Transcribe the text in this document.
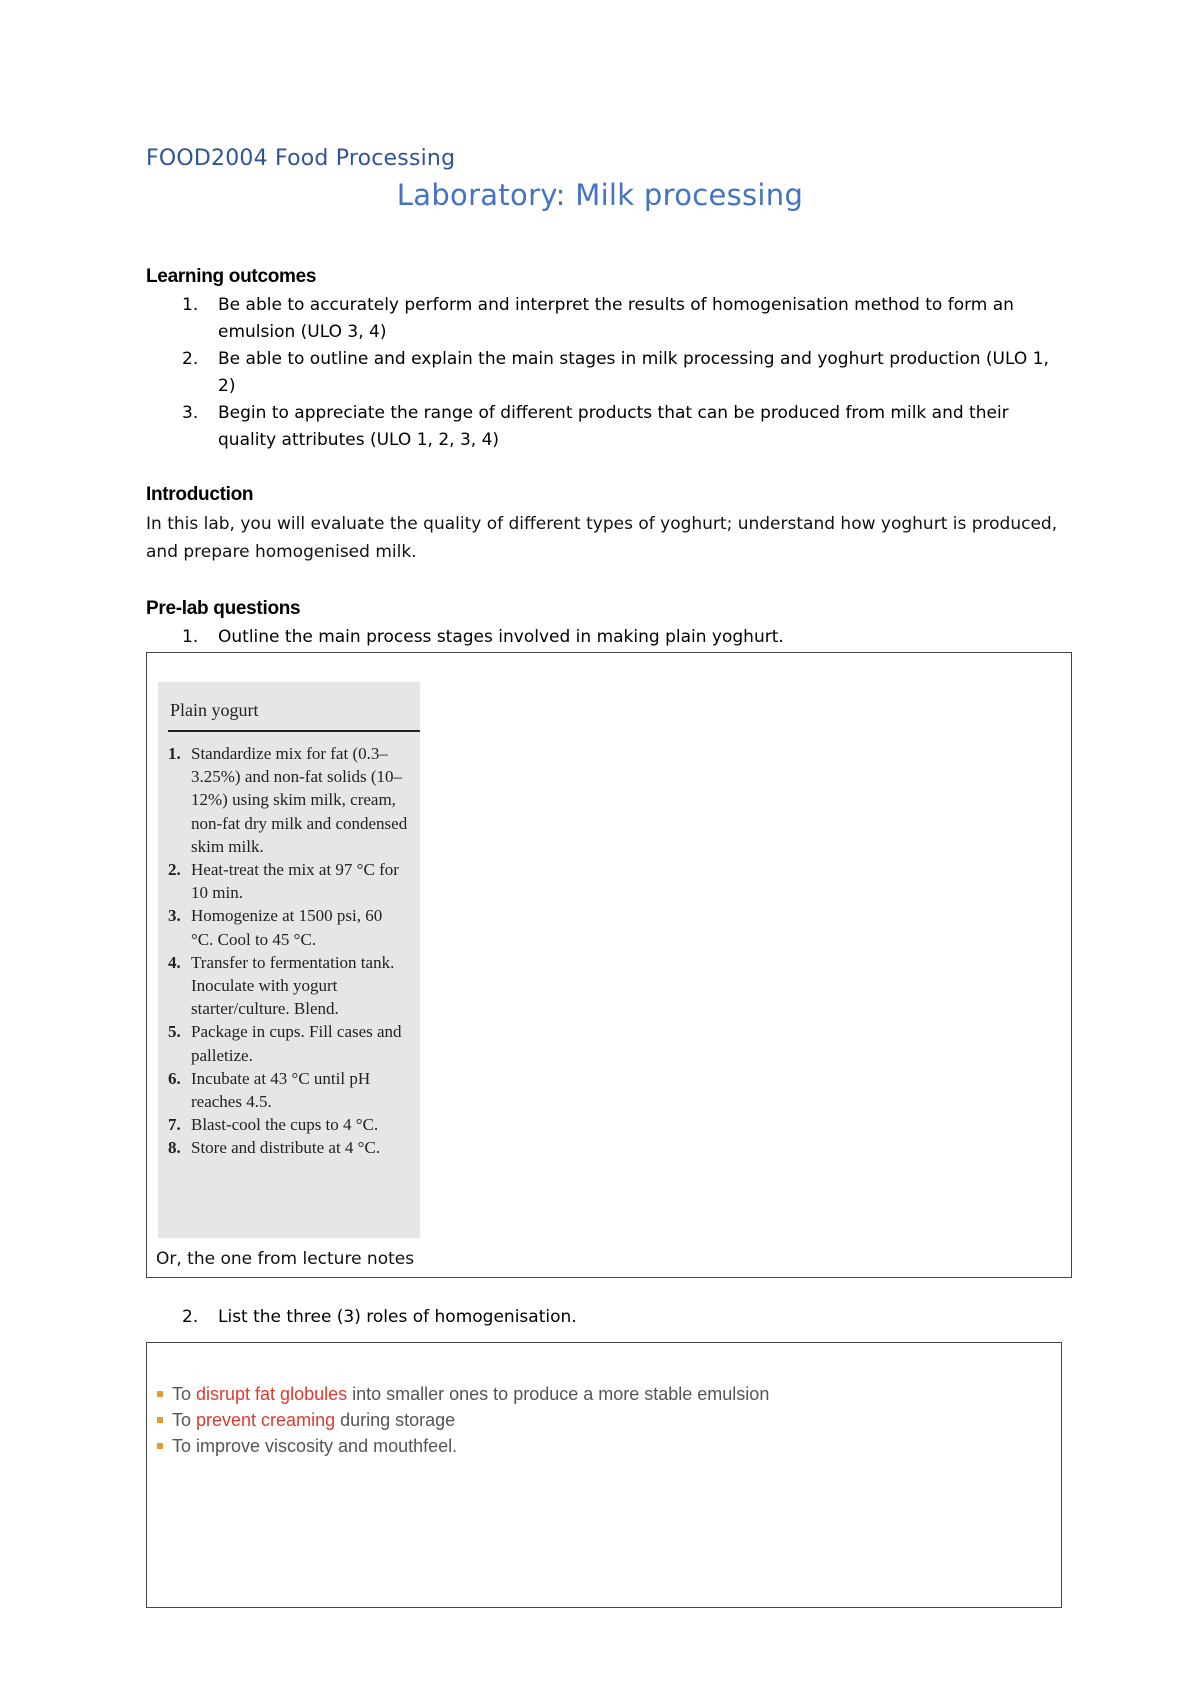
FOOD2004 Food Processing
Laboratory: Milk processing
Learning outcomes
1. Be able to accurately perform and interpret the results of homogenisation method to form an emulsion (ULO 3, 4)
2. Be able to outline and explain the main stages in milk processing and yoghurt production (ULO 1, 2)
3. Begin to appreciate the range of different products that can be produced from milk and their quality attributes (ULO 1, 2, 3, 4)
Introduction
In this lab, you will evaluate the quality of different types of yoghurt; understand how yoghurt is produced, and prepare homogenised milk.
Pre-lab questions
1. Outline the main process stages involved in making plain yoghurt.
Plain yogurt
1. Standardize mix for fat (0.3–3.25%) and non-fat solids (10–12%) using skim milk, cream, non-fat dry milk and condensed skim milk.
2. Heat-treat the mix at 97 °C for 10 min.
3. Homogenize at 1500 psi, 60 °C. Cool to 45 °C.
4. Transfer to fermentation tank. Inoculate with yogurt starter/culture. Blend.
5. Package in cups. Fill cases and palletize.
6. Incubate at 43 °C until pH reaches 4.5.
7. Blast-cool the cups to 4 °C.
8. Store and distribute at 4 °C.
Or, the one from lecture notes
2. List the three (3) roles of homogenisation.
To disrupt fat globules into smaller ones to produce a more stable emulsion
To prevent creaming during storage
To improve viscosity and mouthfeel.
